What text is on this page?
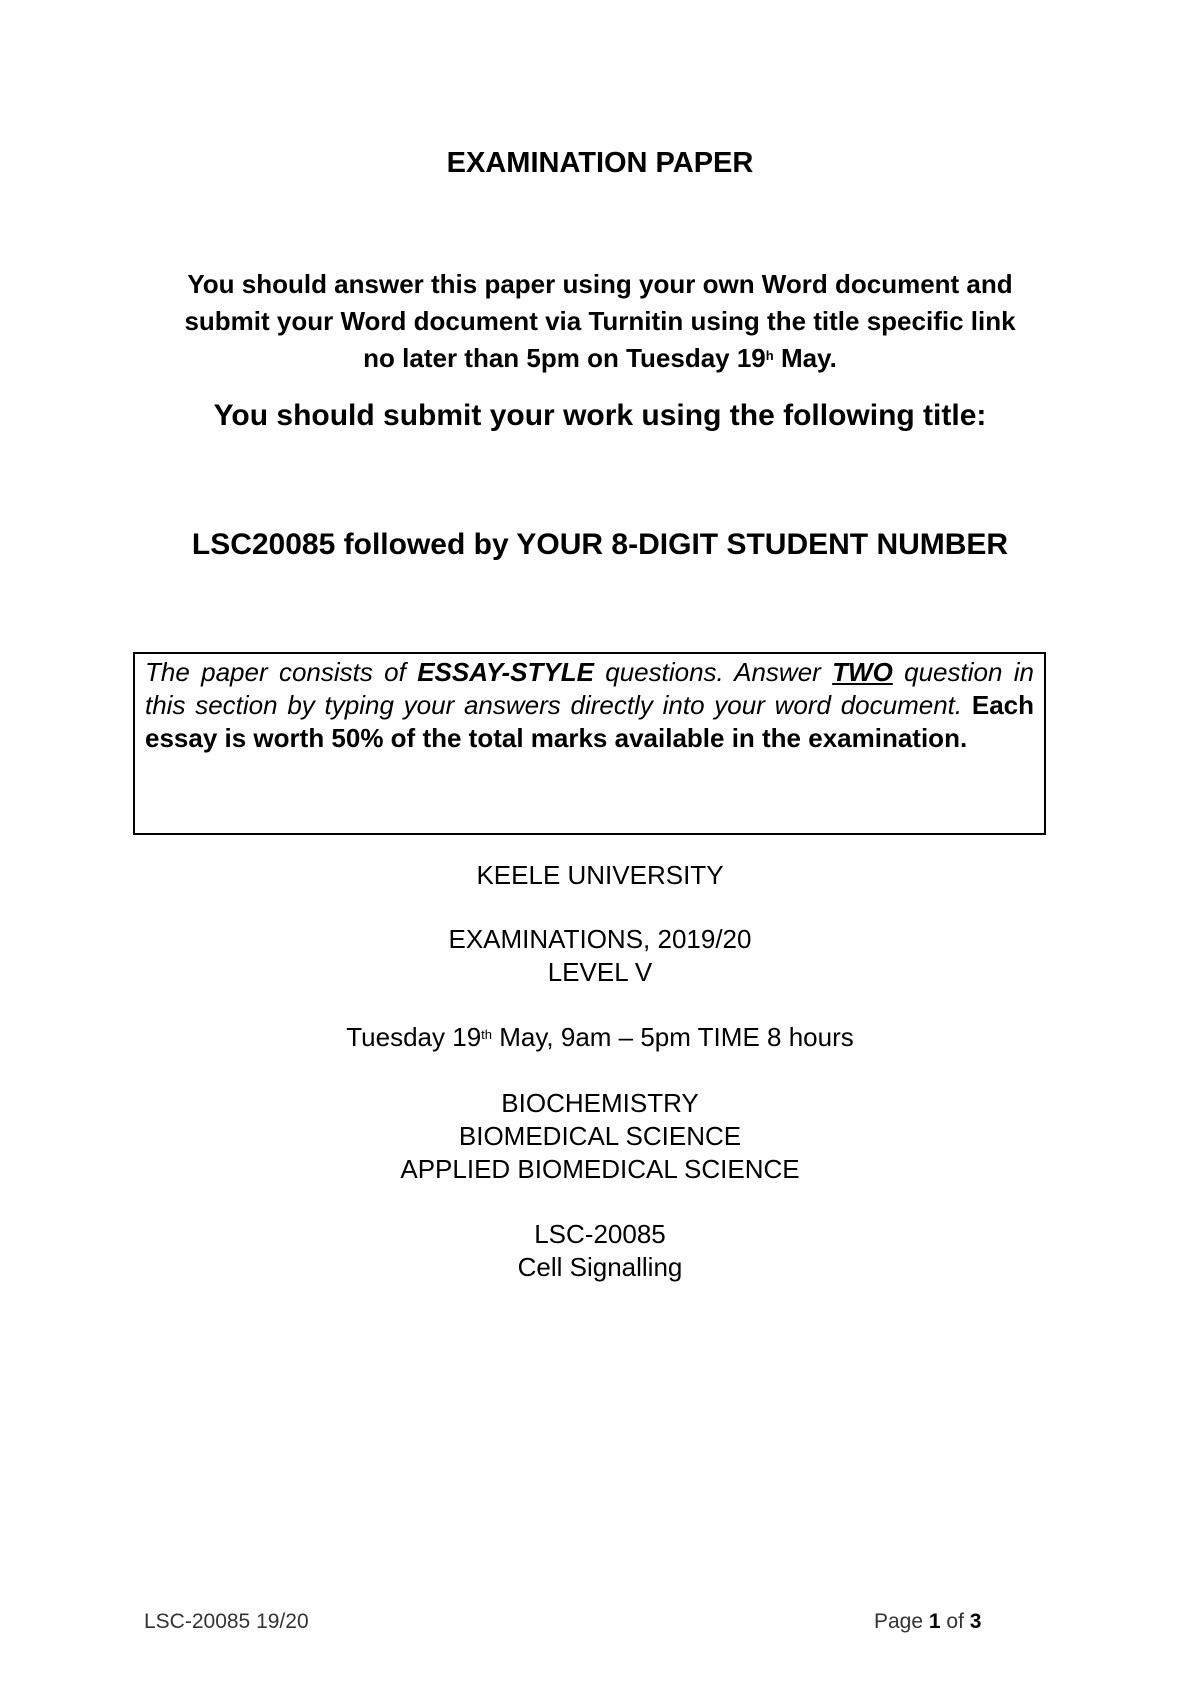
EXAMINATION PAPER
You should answer this paper using your own Word document and
submit your Word document via Turnitin using the title specific link
no later than 5pm on Tuesday 19$^h$ May.
You should submit your work using the following title:
LSC20085 followed by YOUR 8-DIGIT STUDENT NUMBER
The paper consists of ESSAY-STYLE questions. Answer TWO question in this section by typing your answers directly into your word document. Each essay is worth 50% of the total marks available in the examination.
KEELE UNIVERSITY
EXAMINATIONS, 2019/20
LEVEL V
Tuesday 19th May, 9am – 5pm TIME 8 hours
BIOCHEMISTRY
BIOMEDICAL SCIENCE
APPLIED BIOMEDICAL SCIENCE
LSC-20085
Cell Signalling
LSC-20085 19/20	Page 1 of 3
